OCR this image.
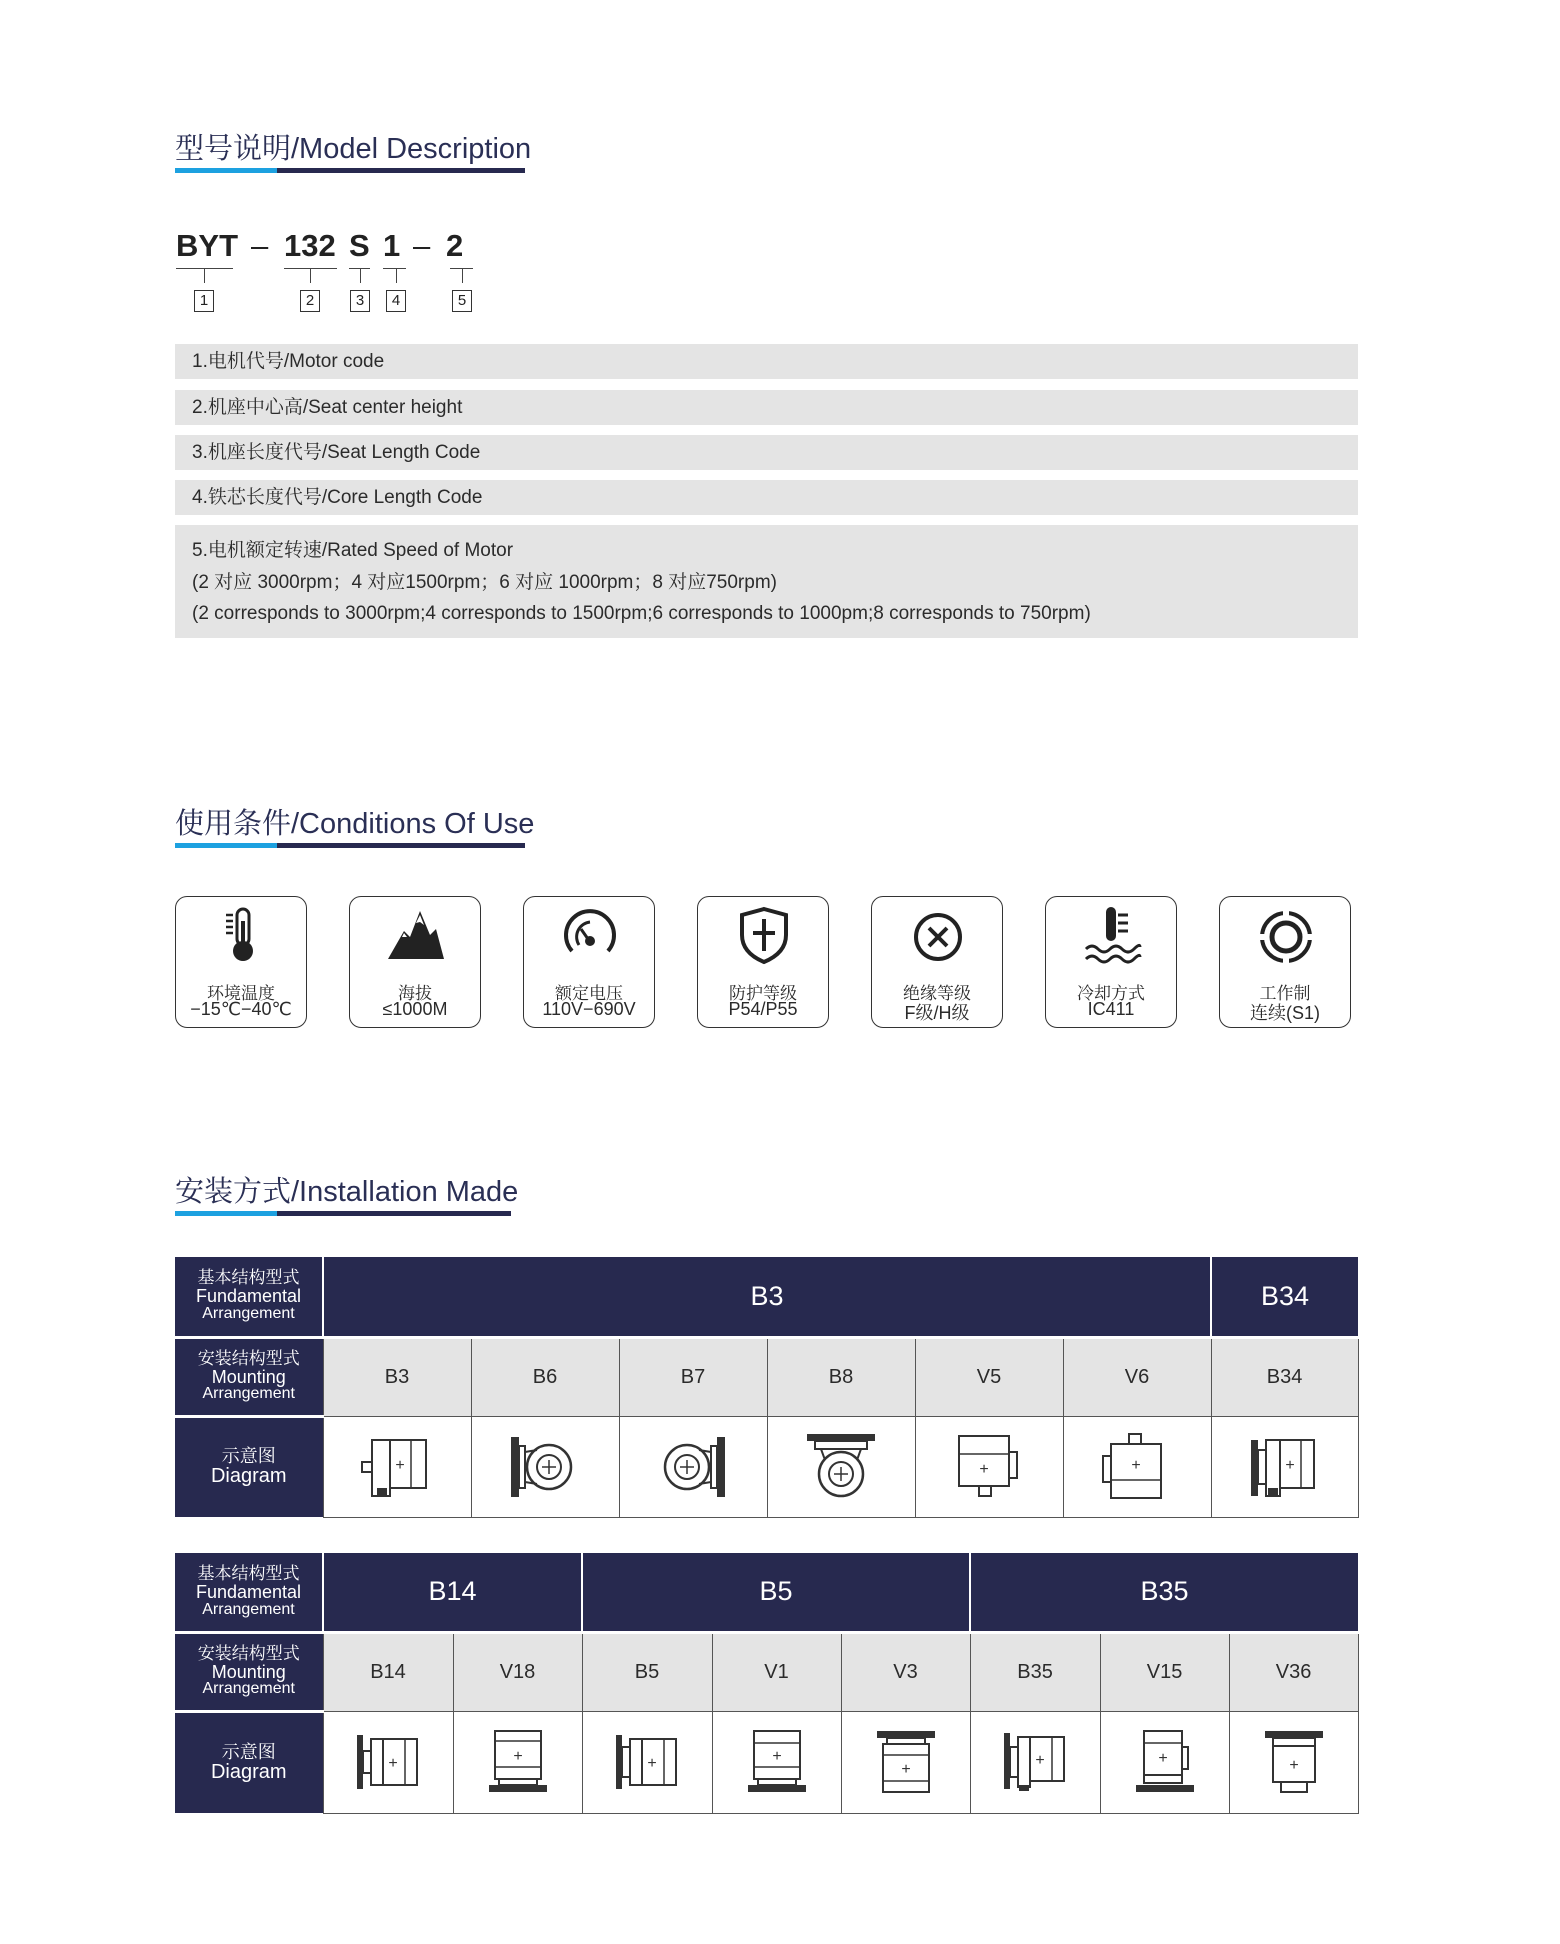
型号说明/Model Description
BYT – 132 S 1 – 2
1	2	3	4	5
1.电机代号/Motor code
2.机座中心高/Seat center height
3.机座长度代号/Seat Length Code
4.铁芯长度代号/Core Length Code
5.电机额定转速/Rated Speed of Motor
(2 对应 3000rpm；4 对应1500rpm；6 对应 1000rpm；8 对应750rpm)
(2 corresponds to 3000rpm;4 corresponds to 1500rpm;6 corresponds to 1000pm;8 corresponds to 750rpm)
使用条件/Conditions Of Use
环境温度
−15℃−40℃
海拔
≤1000M
额定电压
110V−690V
防护等级
P54/P55
绝缘等级
F级/H级
冷却方式
IC411
工作制
连续(S1)
安装方式/Installation Made
基本结构型式
Fundamental
Arrangement	B3						B34

安装结构型式
Mounting
Arrangement	B3	B6	B7	B8	V5	V6	B34

示意图
Diagram	+				+	+	+
基本结构型式
Fundamental
Arrangement	B14		B5			B35		

安装结构型式
Mounting
Arrangement	B14	V18	B5	V1	V3	B35	V15	V36

示意图
Diagram	+	+	+	+	+	+	+	+
